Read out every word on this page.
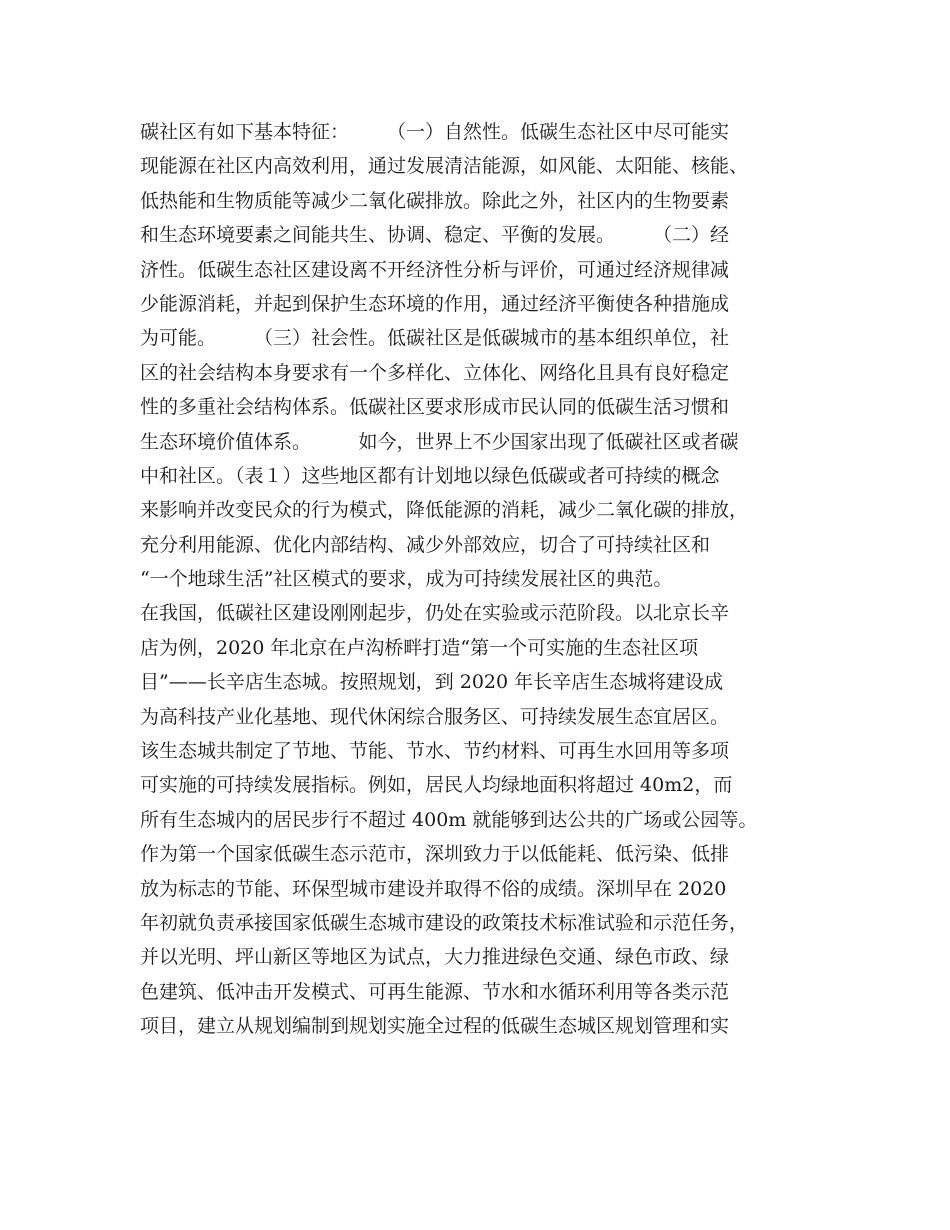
碳社区有如下基本特征：　　　（一）自然性。低碳生态社区中尽可能实
现能源在社区内高效利用，通过发展清洁能源，如风能、太阳能、核能、
低热能和生物质能等减少二氧化碳排放。除此之外，社区内的生物要素
和生态环境要素之间能共生、协调、稳定、平衡的发展。　　　（二）经
济性。低碳生态社区建设离不开经济性分析与评价，可通过经济规律减
少能源消耗，并起到保护生态环境的作用，通过经济平衡使各种措施成
为可能。　　　（三）社会性。低碳社区是低碳城市的基本组织单位，社
区的社会结构本身要求有一个多样化、立体化、网络化且具有良好稳定
性的多重社会结构体系。低碳社区要求形成市民认同的低碳生活习惯和
生态环境价值体系。　　　如今，世界上不少国家出现了低碳社区或者碳
中和社区。（表１）这些地区都有计划地以绿色低碳或者可持续的概念
来影响并改变民众的行为模式，降低能源的消耗，减少二氧化碳的排放，
充分利用能源、优化内部结构、减少外部效应，切合了可持续社区和
“一个地球生活”社区模式的要求，成为可持续发展社区的典范。　　
在我国，低碳社区建设刚刚起步，仍处在实验或示范阶段。以北京长辛
店为例，2020 年北京在卢沟桥畔打造“第一个可实施的生态社区项
目”——长辛店生态城。按照规划，到 2020 年长辛店生态城将建设成
为高科技产业化基地、现代休闲综合服务区、可持续发展生态宜居区。
该生态城共制定了节地、节能、节水、节约材料、可再生水回用等多项
可实施的可持续发展指标。例如，居民人均绿地面积将超过 40m2，而
所有生态城内的居民步行不超过 400m 就能够到达公共的广场或公园等。
作为第一个国家低碳生态示范市，深圳致力于以低能耗、低污染、低排
放为标志的节能、环保型城市建设并取得不俗的成绩。深圳早在 2020
年初就负责承接国家低碳生态城市建设的政策技术标准试验和示范任务，
并以光明、坪山新区等地区为试点，大力推进绿色交通、绿色市政、绿
色建筑、低冲击开发模式、可再生能源、节水和水循环利用等各类示范
项目，建立从规划编制到规划实施全过程的低碳生态城区规划管理和实
